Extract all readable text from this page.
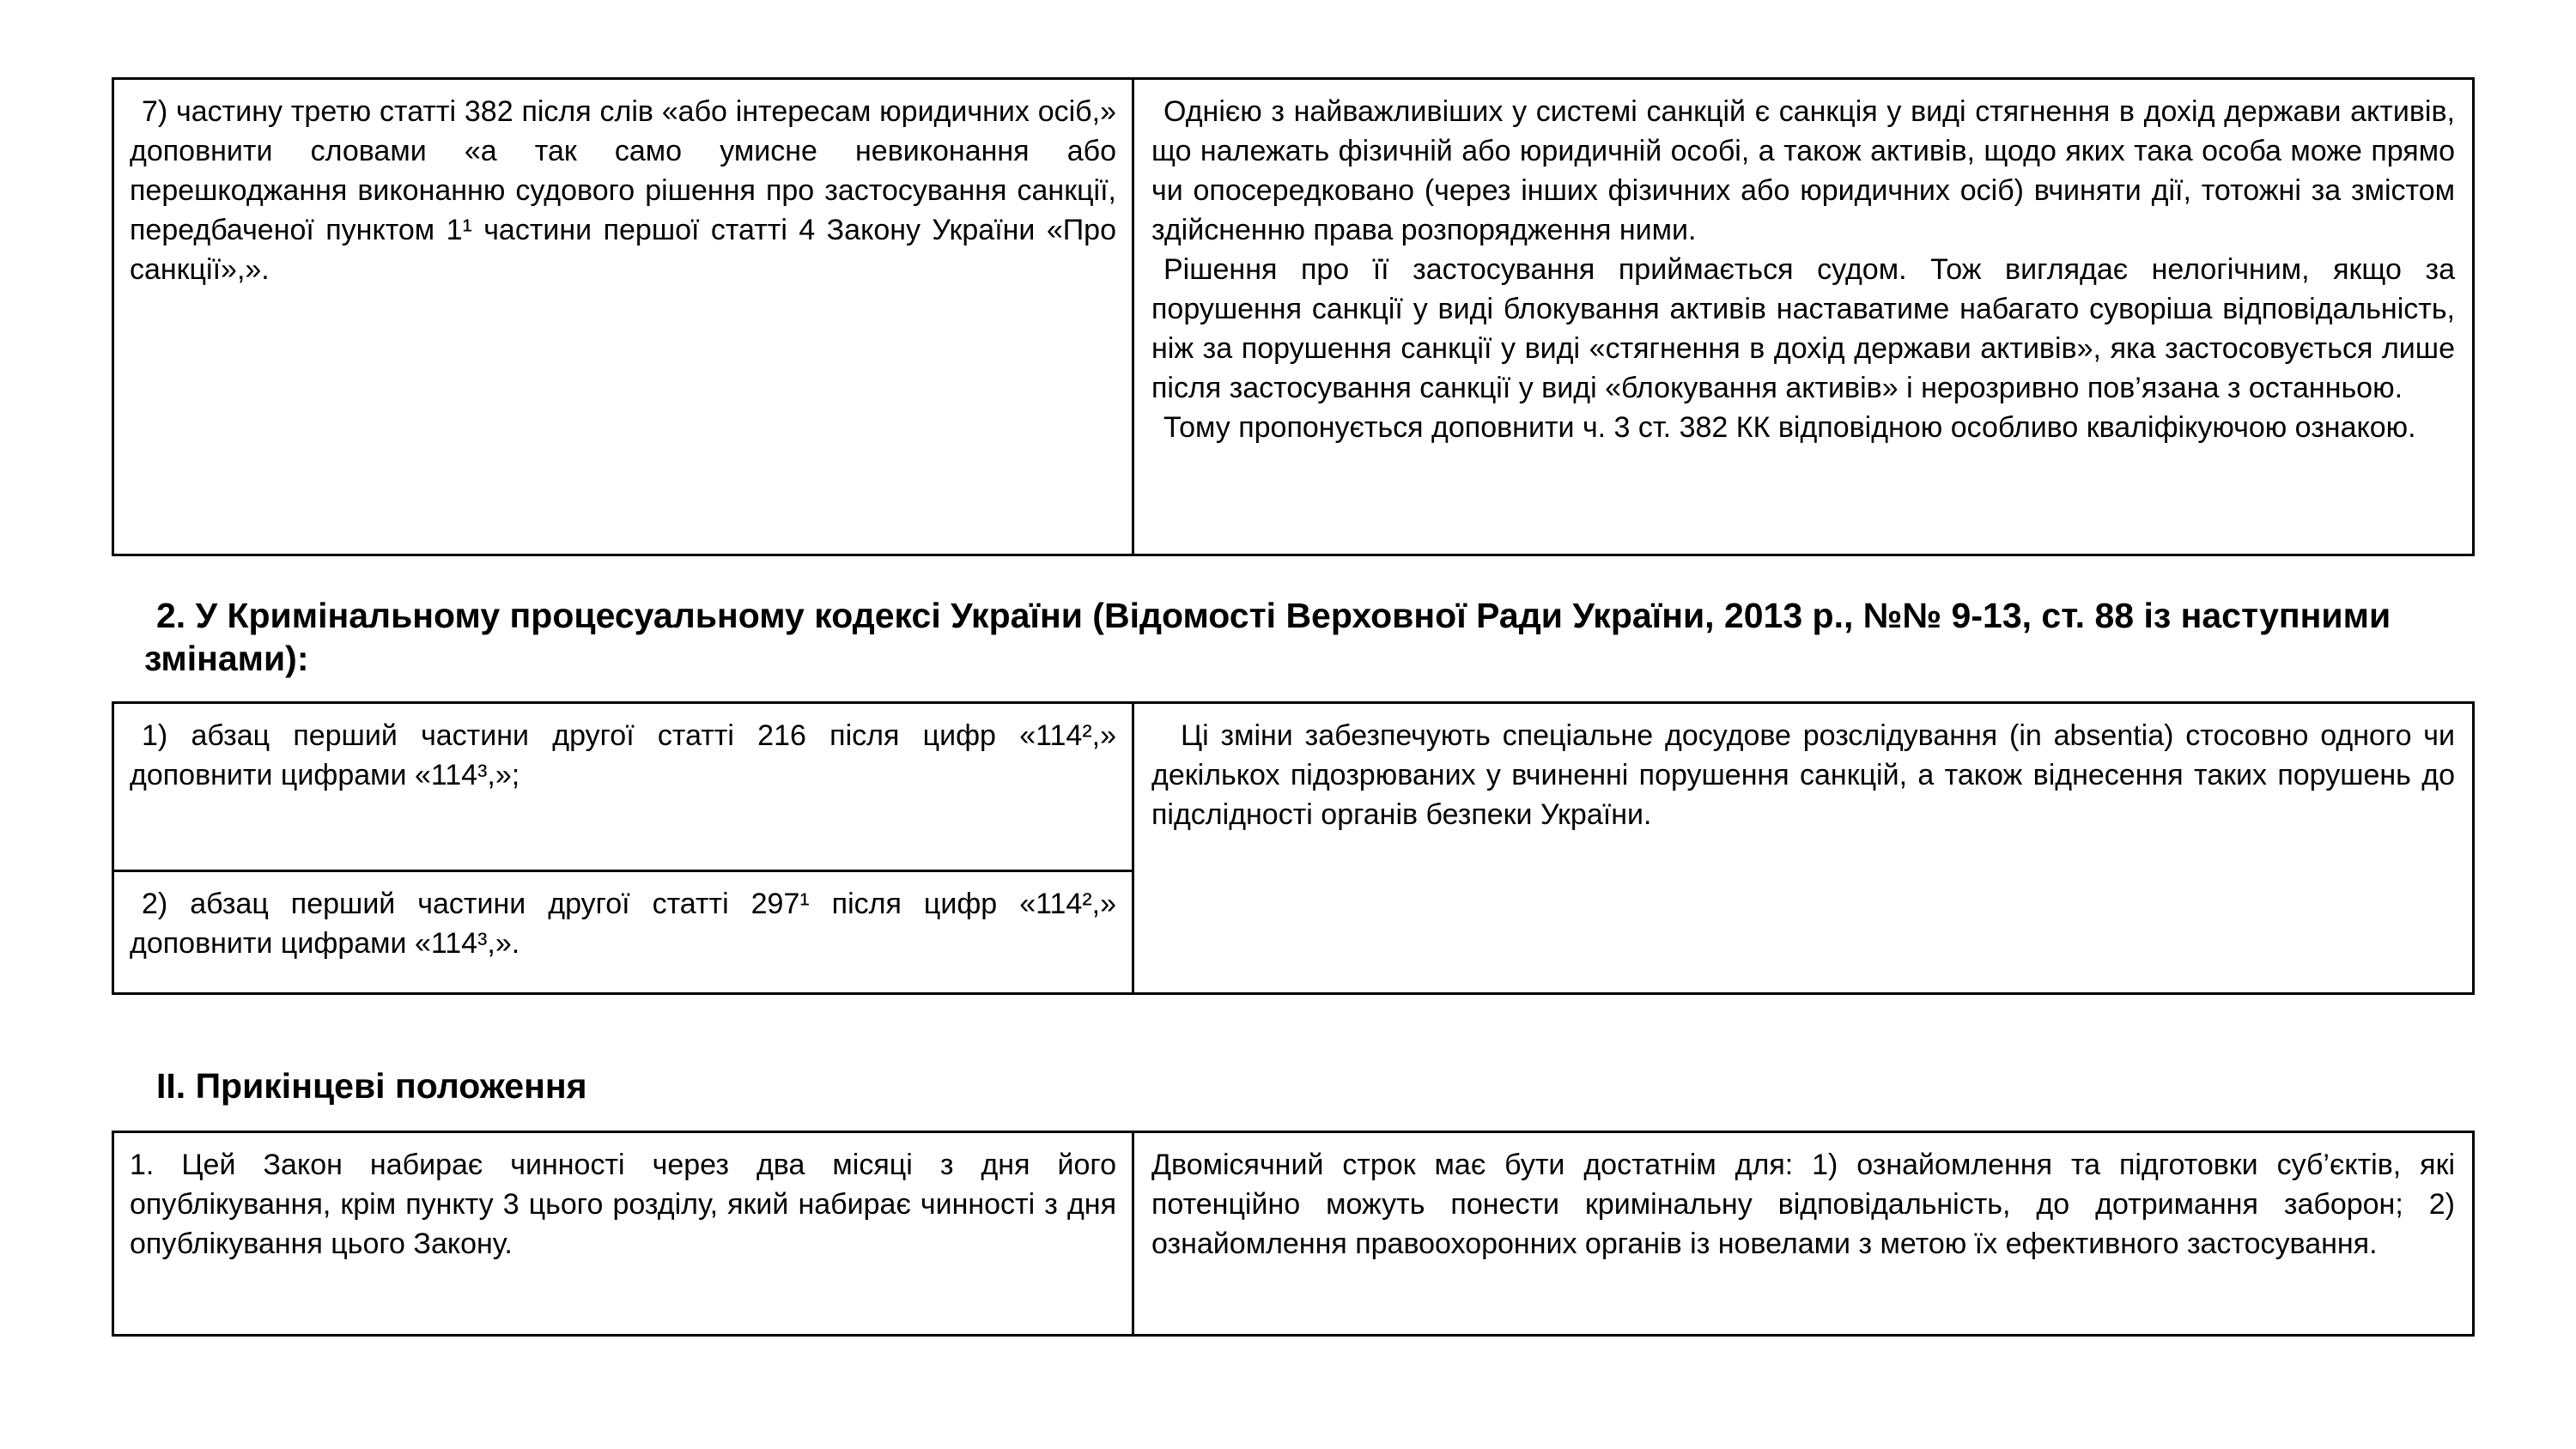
7) частину третю статті 382 після слів «або інтересам юридичних осіб,» доповнити словами «а так само умисне невиконання або перешкоджання виконанню судового рішення про застосування санкції, передбаченої пунктом 1¹ частини першої статті 4 Закону України «Про санкції»,».

Однією з найважливіших у системі санкцій є санкція у виді стягнення в дохід держави активів, що належать фізичній або юридичній особі, а також активів, щодо яких така особа може прямо чи опосередковано (через інших фізичних або юридичних осіб) вчиняти дії, тотожні за змістом здійсненню права розпорядження ними.

Рішення про її застосування приймається судом. Тож виглядає нелогічним, якщо за порушення санкції у виді блокування активів наставатиме набагато суворіша відповідальність, ніж за порушення санкції у виді «стягнення в дохід держави активів», яка застосовується лише після застосування санкції у виді «блокування активів» і нерозривно пов’язана з останньою.

Тому пропонується доповнити ч. 3 ст. 382 КК відповідною особливо кваліфікуючою ознакою.

2. У Кримінальному процесуальному кодексі України (Відомості Верховної Ради України, 2013 р., №№ 9-13, ст. 88 із наступними змінами):

1) абзац перший частини другої статті 216 після цифр «114²,» доповнити цифрами «114³,»;

2) абзац перший частини другої статті 297¹ після цифр «114²,» доповнити цифрами «114³,».

Ці зміни забезпечують спеціальне досудове розслідування (in absentia) стосовно одного чи декількох підозрюваних у вчиненні порушення санкцій, а також віднесення таких порушень до підслідності органів безпеки України.

II. Прикінцеві положення

1. Цей Закон набирає чинності через два місяці з дня його опублікування, крім пункту 3 цього розділу, який набирає чинності з дня опублікування цього Закону.

Двомісячний строк має бути достатнім для: 1) ознайомлення та підготовки суб’єктів, які потенційно можуть понести кримінальну відповідальність, до дотримання заборон; 2) ознайомлення правоохоронних органів із новелами з метою їх ефективного застосування.
